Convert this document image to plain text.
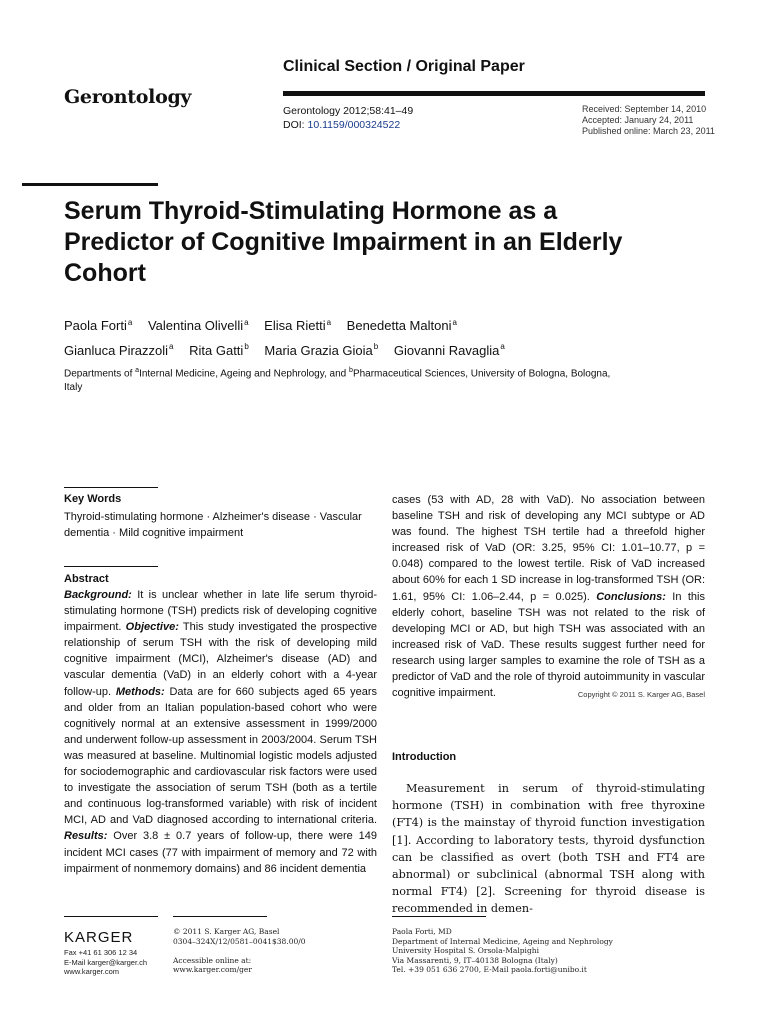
Gerontology
Clinical Section / Original Paper
Gerontology 2012;58:41–49
DOI: 10.1159/000324522
Received: September 14, 2010
Accepted: January 24, 2011
Published online: March 23, 2011
Serum Thyroid-Stimulating Hormone as a Predictor of Cognitive Impairment in an Elderly Cohort
Paola Forti$^a$ Valentina Olivelli$^a$ Elisa Rietti$^a$ Benedetta Maltoni$^a$
Gianluca Pirazzoli$^a$ Rita Gatti$^b$ Maria Grazia Gioia$^b$ Giovanni Ravaglia$^a$
Departments of $^a$Internal Medicine, Ageing and Nephrology, and $^b$Pharmaceutical Sciences, University of Bologna, Bologna, Italy
Key Words
Thyroid-stimulating hormone · Alzheimer's disease · Vascular dementia · Mild cognitive impairment
Abstract
Background: It is unclear whether in late life serum thyroid-stimulating hormone (TSH) predicts risk of developing cognitive impairment. Objective: This study investigated the prospective relationship of serum TSH with the risk of developing mild cognitive impairment (MCI), Alzheimer's disease (AD) and vascular dementia (VaD) in an elderly cohort with a 4-year follow-up. Methods: Data are for 660 subjects aged 65 years and older from an Italian population-based cohort who were cognitively normal at an extensive assessment in 1999/2000 and underwent follow-up assessment in 2003/2004. Serum TSH was measured at baseline. Multinomial logistic models adjusted for sociodemographic and cardiovascular risk factors were used to investigate the association of serum TSH (both as a tertile and continuous log-transformed variable) with risk of incident MCI, AD and VaD diagnosed according to international criteria. Results: Over 3.8 ± 0.7 years of follow-up, there were 149 incident MCI cases (77 with impairment of memory and 72 with impairment of nonmemory domains) and 86 incident dementia
cases (53 with AD, 28 with VaD). No association between baseline TSH and risk of developing any MCI subtype or AD was found. The highest TSH tertile had a threefold higher increased risk of VaD (OR: 3.25, 95% CI: 1.01–10.77, p = 0.048) compared to the lowest tertile. Risk of VaD increased about 60% for each 1 SD increase in log-transformed TSH (OR: 1.61, 95% CI: 1.06–2.44, p = 0.025). Conclusions: In this elderly cohort, baseline TSH was not related to the risk of developing MCI or AD, but high TSH was associated with an increased risk of VaD. These results suggest further need for research using larger samples to examine the role of TSH as a predictor of VaD and the role of thyroid autoimmunity in vascular cognitive impairment.	Copyright © 2011 S. Karger AG, Basel
Introduction
Measurement in serum of thyroid-stimulating hormone (TSH) in combination with free thyroxine (FT4) is the mainstay of thyroid function investigation [1]. According to laboratory tests, thyroid dysfunction can be classified as overt (both TSH and FT4 are abnormal) or subclinical (abnormal TSH along with normal FT4) [2]. Screening for thyroid disease is recommended in demen-
KARGER
Fax +41 61 306 12 34
E-Mail karger@karger.ch
www.karger.com
© 2011 S. Karger AG, Basel
0304–324X/12/0581–0041$38.00/0
Accessible online at:
www.karger.com/ger
Paola Forti, MD
Department of Internal Medicine, Ageing and Nephrology
University Hospital S. Orsola-Malpighi
Via Massarenti, 9, IT–40138 Bologna (Italy)
Tel. +39 051 636 2700, E-Mail paola.forti@unibo.it
